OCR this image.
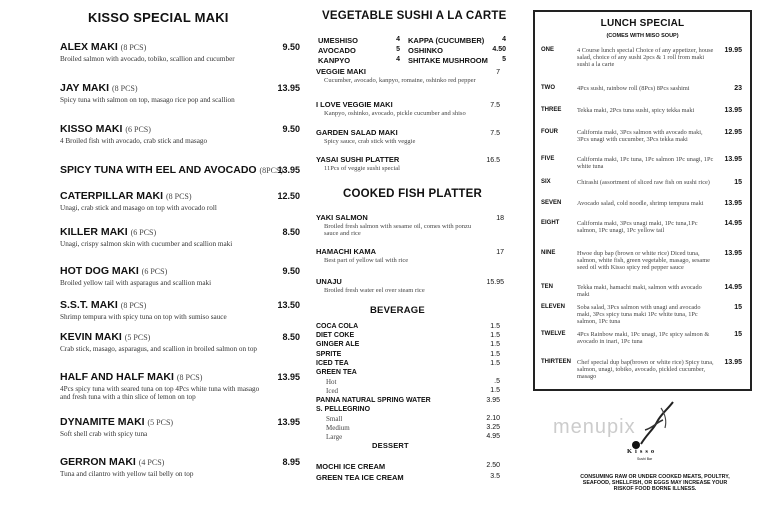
KISSO SPECIAL MAKI
ALEX MAKI (8 PCS)
Broiled salmon with avocado, tobiko, scallion and cucumber
9.50
JAY MAKI (8 PCS)
Spicy tuna with salmon on top, masago rice pop and scallion
13.95
KISSO MAKI (6 PCS)
4 Broiled fish with avocado, crab stick and masago
9.50
SPICY TUNA WITH EEL AND AVOCADO (8PCS)
13.95
CATERPILLAR MAKI (8 PCS)
Unagi, crab stick and masago on top with avocado roll
12.50
KILLER MAKI (6 PCS)
Unagi, crispy salmon skin with cucumber and scallion maki
8.50
HOT DOG MAKI (6 PCS)
Broiled yellow tail with asparagus and scallion maki
9.50
S.S.T. MAKI (8 PCS)
Shrimp tempura with spicy tuna on top with sumiso sauce
13.50
KEVIN MAKI (5 PCS)
Crab stick, masago, asparagus, and scallion in broiled salmon on top
8.50
HALF AND HALF MAKI (8 PCS)
4Pcs spicy tuna with seared tuna on top 4Pcs white tuna with masago and fresh tuna with a thin slice of lemon on top
13.95
DYNAMITE MAKI (5 PCS)
Soft shell crab with spicy tuna
13.95
GERRON MAKI (4 PCS)
Tuna and cilantro with yellow tail belly on top
8.95
VEGETABLE SUSHI A LA CARTE
COOKED FISH PLATTER
BEVERAGE
DESSERT
UMESHISO	4
AVOCADO	5
KANPYO	4
KAPPA (CUCUMBER)	4
OSHINKO	4.50
SHITAKE MUSHROOM	5
VEGGIE MAKI
Cucumber, avocado, kanpyo, romaine, oshinko red pepper
7
I LOVE VEGGIE MAKI
Kanpyo, oshinko, avocado, pickle cucumber and shiso
7.5
GARDEN SALAD MAKI
Spicy sauce, crab stick with veggie
7.5
YASAI SUSHI PLATTER
11Pcs of veggie sushi special
16.5
YAKI SALMON
Broiled fresh salmon with sesame oil, comes with ponzu sauce and rice
18
HAMACHI KAMA
Best part of yellow tail with rice
17
UNAJU
Broiled fresh water eel over steam rice
15.95
COCA COLA	1.5
DIET COKE	1.5
GINGER ALE	1.5
SPRITE	1.5
ICED TEA	1.5
GREEN TEA
Hot	.5
Iced	1.5
PANNA NATURAL SPRING WATER	3.95
S. PELLEGRINO
Small	2.10
Medium	3.25
Large	4.95
MOCHI ICE CREAM	2.50
GREEN TEA ICE CREAM	3.5
LUNCH SPECIAL
(COMES WITH MISO SOUP)
ONE	4 Course lunch special Choice of any appetizer, house salad, choice of any sushi 2pcs & 1 roll from maki sushi a la carte
19.95
TWO	4Pcs sushi, rainbow roll (8Pcs) 8Pcs sashimi	23
THREE	Tekka maki, 2Pcs tuna sushi, spicy tekka maki	13.95
FOUR	California maki, 3Pcs salmon with avocado maki, 3Pcs unagi with cucumber, 3Pcs tekka maki
12.95
FIVE	California maki, 1Pc tuna, 1Pc salmon 1Pc unagi, 1Pc white tuna
13.95
SIX	Chirashi (assortment of sliced raw fish on sushi rice)	15
SEVEN	Avocado salad, cold noodle, shrimp tempura maki	13.95
EIGHT	California maki, 3Pcs unagi maki, 1Pc tuna,1Pc salmon, 1Pc unagi, 1Pc yellow tail
14.95
NINE	Hwoe dup bap (brown or white rice) Diced tuna, salmon, white fish, green vegetable, masago, sesame seed oil with Kisso spicy red pepper sauce
13.95
TEN	Tekka maki, hamachi maki, salmon with avocado maki
14.95
ELEVEN	Soba salad, 3Pcs salmon with unagi and avocado maki, 3Pcs spicy tuna maki 1Pc white tuna, 1Pc salmon, 1Pc tuna
15
TWELVE	4Pcs Rainbow maki, 1Pc unagi, 1Pc spicy salmon & avocado in inari, 1Pc tuna
15
THIRTEEN Chef special dup bap(brown or white rice) Spicy tuna, salmon, unagi, tobiko, avocado, pickled cucumber, masago
13.95
menupix
Kisso
Sushi Bar
CONSUMING RAW OR UNDER COOKED MEATS, POULTRY, SEAFOOD, SHELLFISH, OR EGGS MAY INCREASE YOUR RISKOF FOOD BORNE ILLNESS.
